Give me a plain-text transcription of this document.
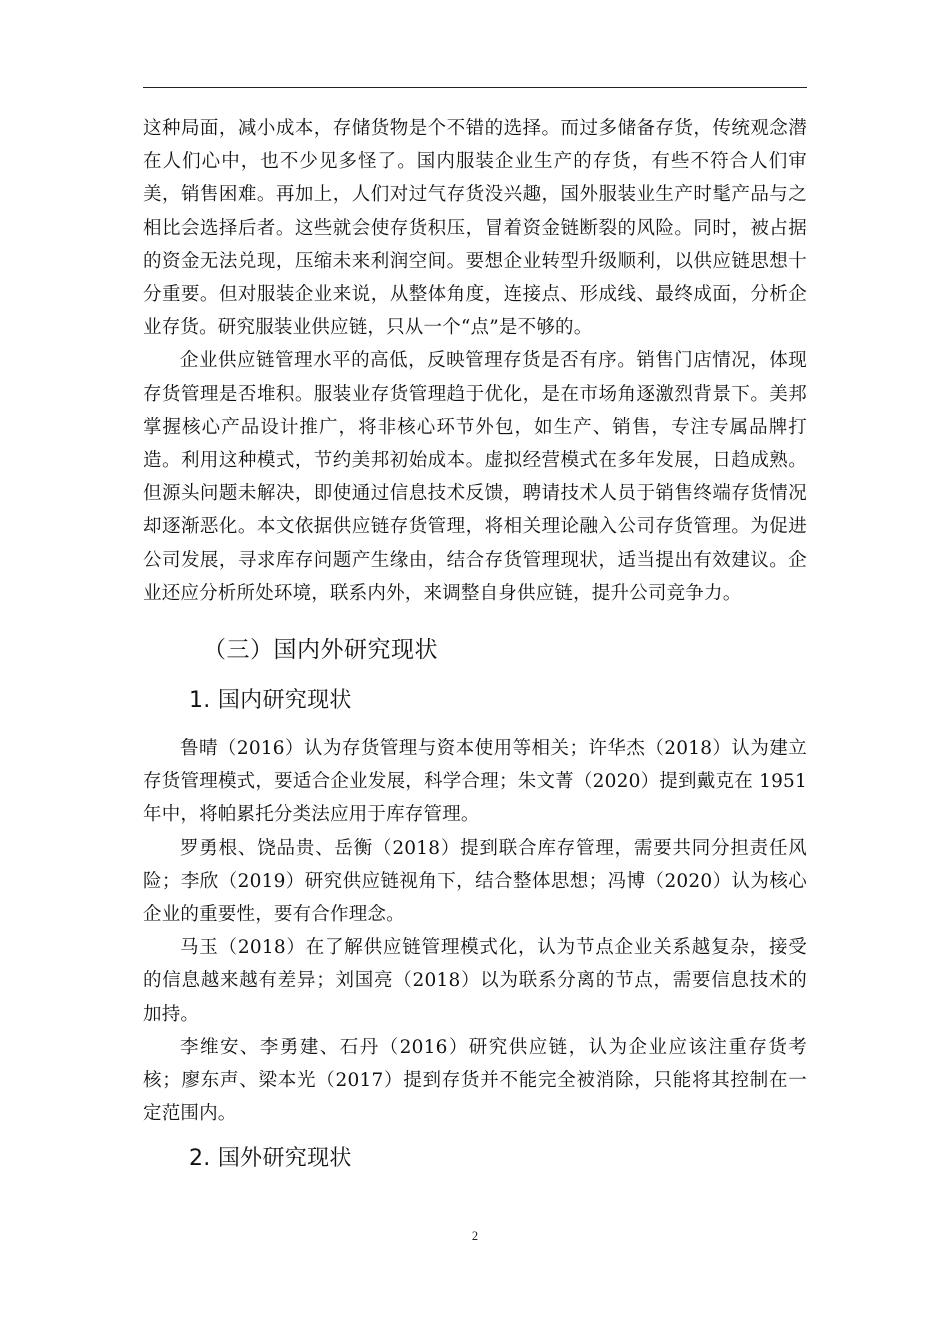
这种局面，减小成本，存储货物是个不错的选择。而过多储备存货，传统观念潜在人们心中，也不少见多怪了。国内服装企业生产的存货，有些不符合人们审美，销售困难。再加上，人们对过气存货没兴趣，国外服装业生产时髦产品与之相比会选择后者。这些就会使存货积压，冒着资金链断裂的风险。同时，被占据的资金无法兑现，压缩未来利润空间。要想企业转型升级顺利，以供应链思想十分重要。但对服装企业来说，从整体角度，连接点、形成线、最终成面，分析企业存货。研究服装业供应链，只从一个“点”是不够的。

企业供应链管理水平的高低，反映管理存货是否有序。销售门店情况，体现存货管理是否堆积。服装业存货管理趋于优化，是在市场角逐激烈背景下。美邦掌握核心产品设计推广，将非核心环节外包，如生产、销售，专注专属品牌打造。利用这种模式，节约美邦初始成本。虚拟经营模式在多年发展，日趋成熟。但源头问题未解决，即使通过信息技术反馈，聘请技术人员于销售终端存货情况却逐渐恶化。本文依据供应链存货管理，将相关理论融入公司存货管理。为促进公司发展，寻求库存问题产生缘由，结合存货管理现状，适当提出有效建议。企业还应分析所处环境，联系内外，来调整自身供应链，提升公司竞争力。

（三）国内外研究现状
1. 国内研究现状

鲁晴（2016）认为存货管理与资本使用等相关；许华杰（2018）认为建立存货管理模式，要适合企业发展，科学合理；朱文菁（2020）提到戴克在 1951 年中，将帕累托分类法应用于库存管理。

罗勇根、饶品贵、岳衡（2018）提到联合库存管理，需要共同分担责任风险；李欣（2019）研究供应链视角下，结合整体思想；冯博（2020）认为核心企业的重要性，要有合作理念。

马玉（2018）在了解供应链管理模式化，认为节点企业关系越复杂，接受的信息越来越有差异；刘国亮（2018）以为联系分离的节点，需要信息技术的加持。

李维安、李勇建、石丹（2016）研究供应链，认为企业应该注重存货考核；廖东声、梁本光（2017）提到存货并不能完全被消除，只能将其控制在一定范围内。

2. 国外研究现状
2
